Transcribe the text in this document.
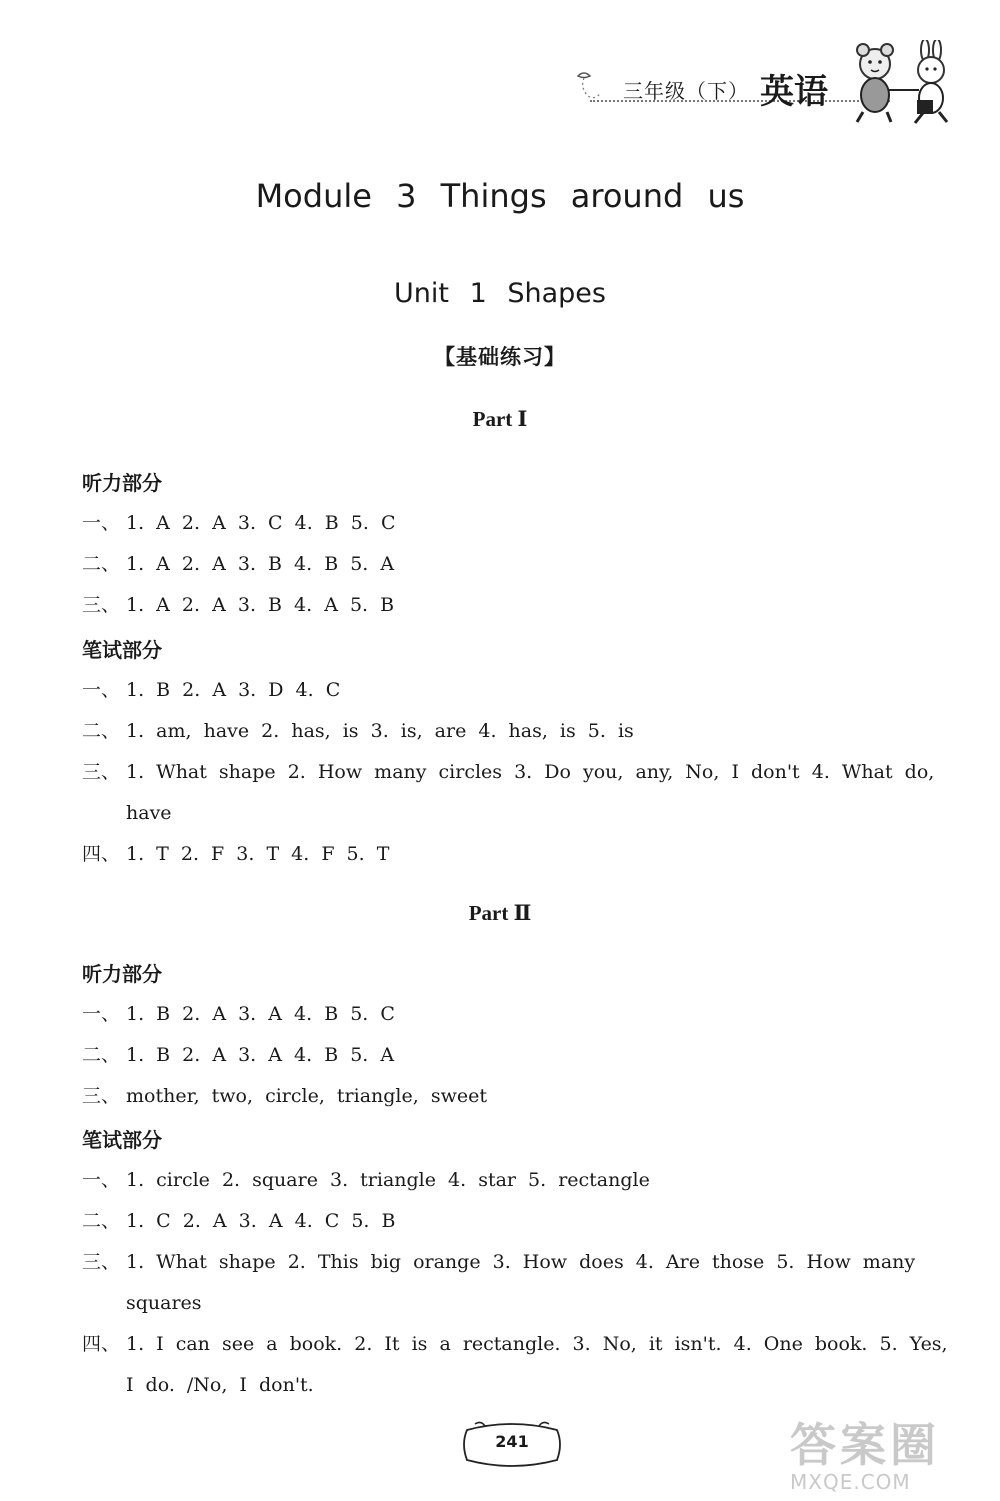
三年级（下） 英语
Module 3 Things around us
Unit 1 Shapes
【基础练习】
Part Ⅰ
听力部分
一、 1. A 2. A 3. C 4. B 5. C
二、 1. A 2. A 3. B 4. B 5. A
三、 1. A 2. A 3. B 4. A 5. B
笔试部分
一、 1. B 2. A 3. D 4. C
二、 1. am, have 2. has, is 3. is, are 4. has, is 5. is
三、 1. What shape 2. How many circles 3. Do you, any, No, I don't 4. What do, have
四、 1. T 2. F 3. T 4. F 5. T
Part Ⅱ
听力部分
一、 1. B 2. A 3. A 4. B 5. C
二、 1. B 2. A 3. A 4. B 5. A
三、 mother, two, circle, triangle, sweet
笔试部分
一、 1. circle 2. square 3. triangle 4. star 5. rectangle
二、 1. C 2. A 3. A 4. C 5. B
三、 1. What shape 2. This big orange 3. How does 4. Are those 5. How many squares
四、 1. I can see a book. 2. It is a rectangle. 3. No, it isn't. 4. One book. 5. Yes, I do. /No, I don't.
241	答案圈
MXQE.COM
